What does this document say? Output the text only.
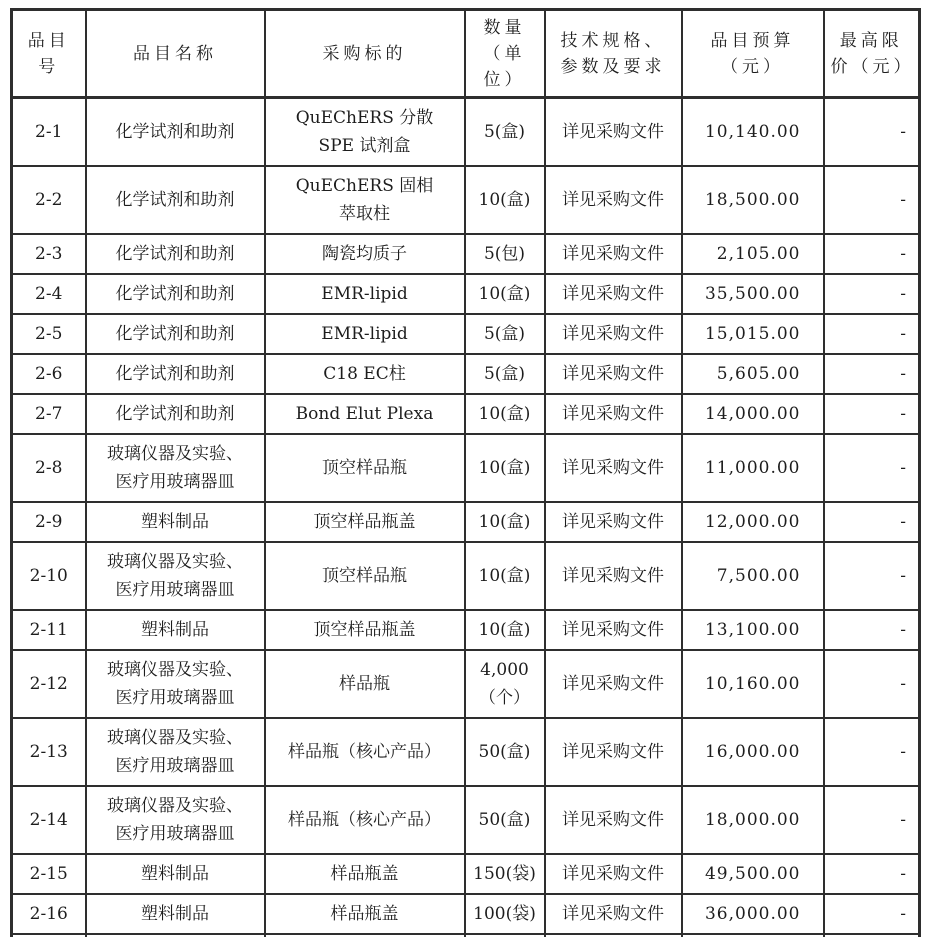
品目号	品目名称	采购标的	数量（单位）	技术规格、参数及要求	品目预算（元）	最高限价（元）
2-1	化学试剂和助剂	QuEChERS 分散 SPE 试剂盒	5(盒)	详见采购文件	10,140.00	-
2-2	化学试剂和助剂	QuEChERS 固相萃取柱	10(盒)	详见采购文件	18,500.00	-
2-3	化学试剂和助剂	陶瓷均质子	5(包)	详见采购文件	2,105.00	-
2-4	化学试剂和助剂	EMR-lipid	10(盒)	详见采购文件	35,500.00	-
2-5	化学试剂和助剂	EMR-lipid	5(盒)	详见采购文件	15,015.00	-
2-6	化学试剂和助剂	C18 EC柱	5(盒)	详见采购文件	5,605.00	-
2-7	化学试剂和助剂	Bond Elut Plexa	10(盒)	详见采购文件	14,000.00	-
2-8	玻璃仪器及实验、医疗用玻璃器皿	顶空样品瓶	10(盒)	详见采购文件	11,000.00	-
2-9	塑料制品	顶空样品瓶盖	10(盒)	详见采购文件	12,000.00	-
2-10	玻璃仪器及实验、医疗用玻璃器皿	顶空样品瓶	10(盒)	详见采购文件	7,500.00	-
2-11	塑料制品	顶空样品瓶盖	10(盒)	详见采购文件	13,100.00	-
2-12	玻璃仪器及实验、医疗用玻璃器皿	样品瓶	4,000（个）	详见采购文件	10,160.00	-
2-13	玻璃仪器及实验、医疗用玻璃器皿	样品瓶（核心产品）	50(盒)	详见采购文件	16,000.00	-
2-14	玻璃仪器及实验、医疗用玻璃器皿	样品瓶（核心产品）	50(盒)	详见采购文件	18,000.00	-
2-15	塑料制品	样品瓶盖	150(袋)	详见采购文件	49,500.00	-
2-16	塑料制品	样品瓶盖	100(袋)	详见采购文件	36,000.00	-
